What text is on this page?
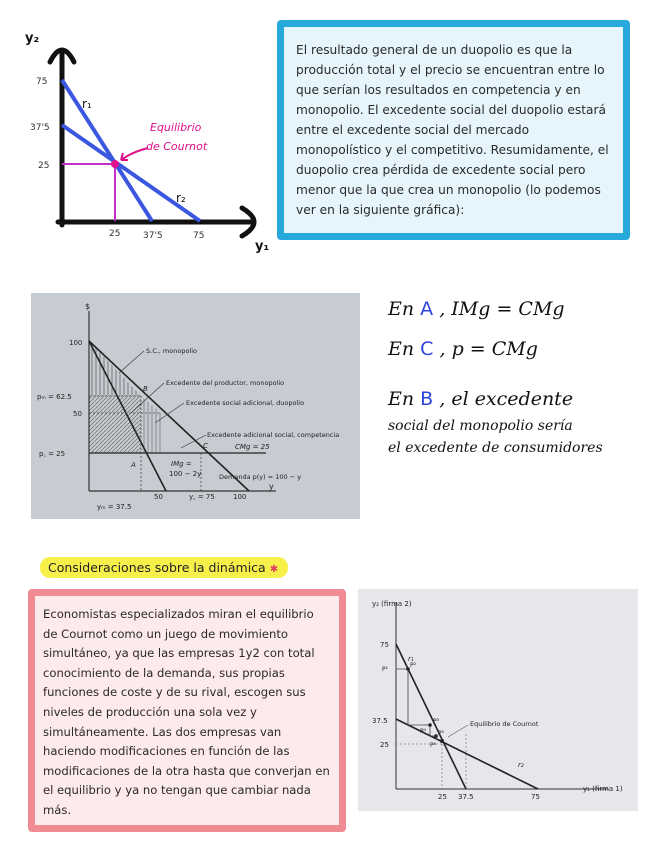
y₂
y₁
75
37'5
25
25	37'5	75
r₁
r₂
Equilibrio
de Cournot
El resultado general de un duopolio es que la producción total y el precio se encuentran entre lo que serían los resultados en competencia y en monopolio. El excedente social del duopolio estará entre el excedente social del mercado monopolístico y el competitivo. Resumidamente, el duopolio crea pérdida de excedente social pero menor que la que crea un monopolio (lo podemos ver en la siguiente gráfica):
$
y
100
pₘ = 62.5
50
p꜀ = 25
S.C., monopolio
Excedente del productor, monopolio
Excedente social adicional, duopolio
Excedente adicional social, competencia
CMg = 25
IMg =
100 − 2y	Demanda p(y) = 100 − y
A
B
C
50	y꜀ = 75	100
yₘ = 37.5
En A , IMg = CMg
En C , p = CMg
En B , el excedente
social del monopolio sería
el excedente de consumidores
Consideraciones sobre la dinámica ✱
Economistas especializados miran el equilibrio de Cournot como un juego de movimiento simultáneo, ya que las empresas 1y2 con total conocimiento de la demanda, sus propias funciones de coste y de su rival, escogen sus niveles de producción una sola vez y simultáneamente. Las dos empresas van haciendo modificaciones en función de las modificaciones de la otra hasta que converjan en el equilibrio y ya no tengan que cambiar nada más.
y₂ (firma 2)
y₁ (firma 1)
75
37.5
25
25 37.5	75
r₁
r₂
Equilibrio de Cournot
P¹
P²
P³
P⁴ P⁵
P⁶
